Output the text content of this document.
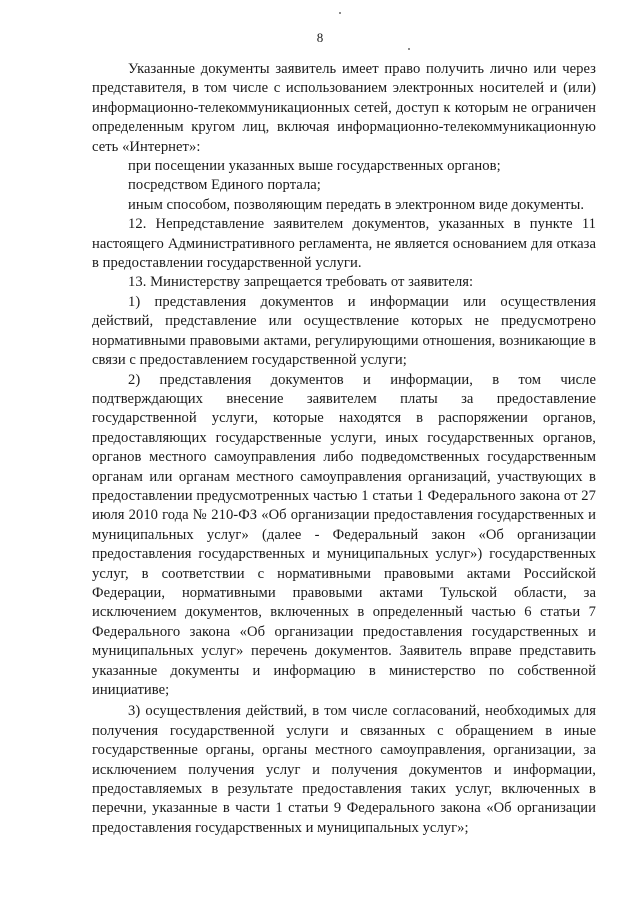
8

Указанные документы заявитель имеет право получить лично или через представителя, в том числе с использованием электронных носителей и (или) информационно-телекоммуникационных сетей, доступ к которым не ограничен определенным кругом лиц, включая информационно-телекоммуникационную сеть «Интернет»:

при посещении указанных выше государственных органов;

посредством Единого портала;

иным способом, позволяющим передать в электронном виде документы.

12. Непредставление заявителем документов, указанных в пункте 11 настоящего Административного регламента, не является основанием для отказа в предоставлении государственной услуги.

13. Министерству запрещается требовать от заявителя:

1) представления документов и информации или осуществления действий, представление или осуществление которых не предусмотрено нормативными правовыми актами, регулирующими отношения, возникающие в связи с предоставлением государственной услуги;

2) представления документов и информации, в том числе подтверждающих внесение заявителем платы за предоставление государственной услуги, которые находятся в распоряжении органов, предоставляющих государственные услуги, иных государственных органов, органов местного самоуправления либо подведомственных государственным органам или органам местного самоуправления организаций, участвующих в предоставлении предусмотренных частью 1 статьи 1 Федерального закона от 27 июля 2010 года № 210-ФЗ «Об организации предоставления государственных и муниципальных услуг» (далее - Федеральный закон «Об организации предоставления государственных и муниципальных услуг») государственных услуг, в соответствии с нормативными правовыми актами Российской Федерации, нормативными правовыми актами Тульской области, за исключением документов, включенных в определенный частью 6 статьи 7 Федерального закона «Об организации предоставления государственных и муниципальных услуг» перечень документов. Заявитель вправе представить указанные документы и информацию в министерство по собственной инициативе;

3) осуществления действий, в том числе согласований, необходимых для получения государственной услуги и связанных с обращением в иные государственные органы, органы местного самоуправления, организации, за исключением получения услуг и получения документов и информации, предоставляемых в результате предоставления таких услуг, включенных в перечни, указанные в части 1 статьи 9 Федерального закона «Об организации предоставления государственных и муниципальных услуг»;
